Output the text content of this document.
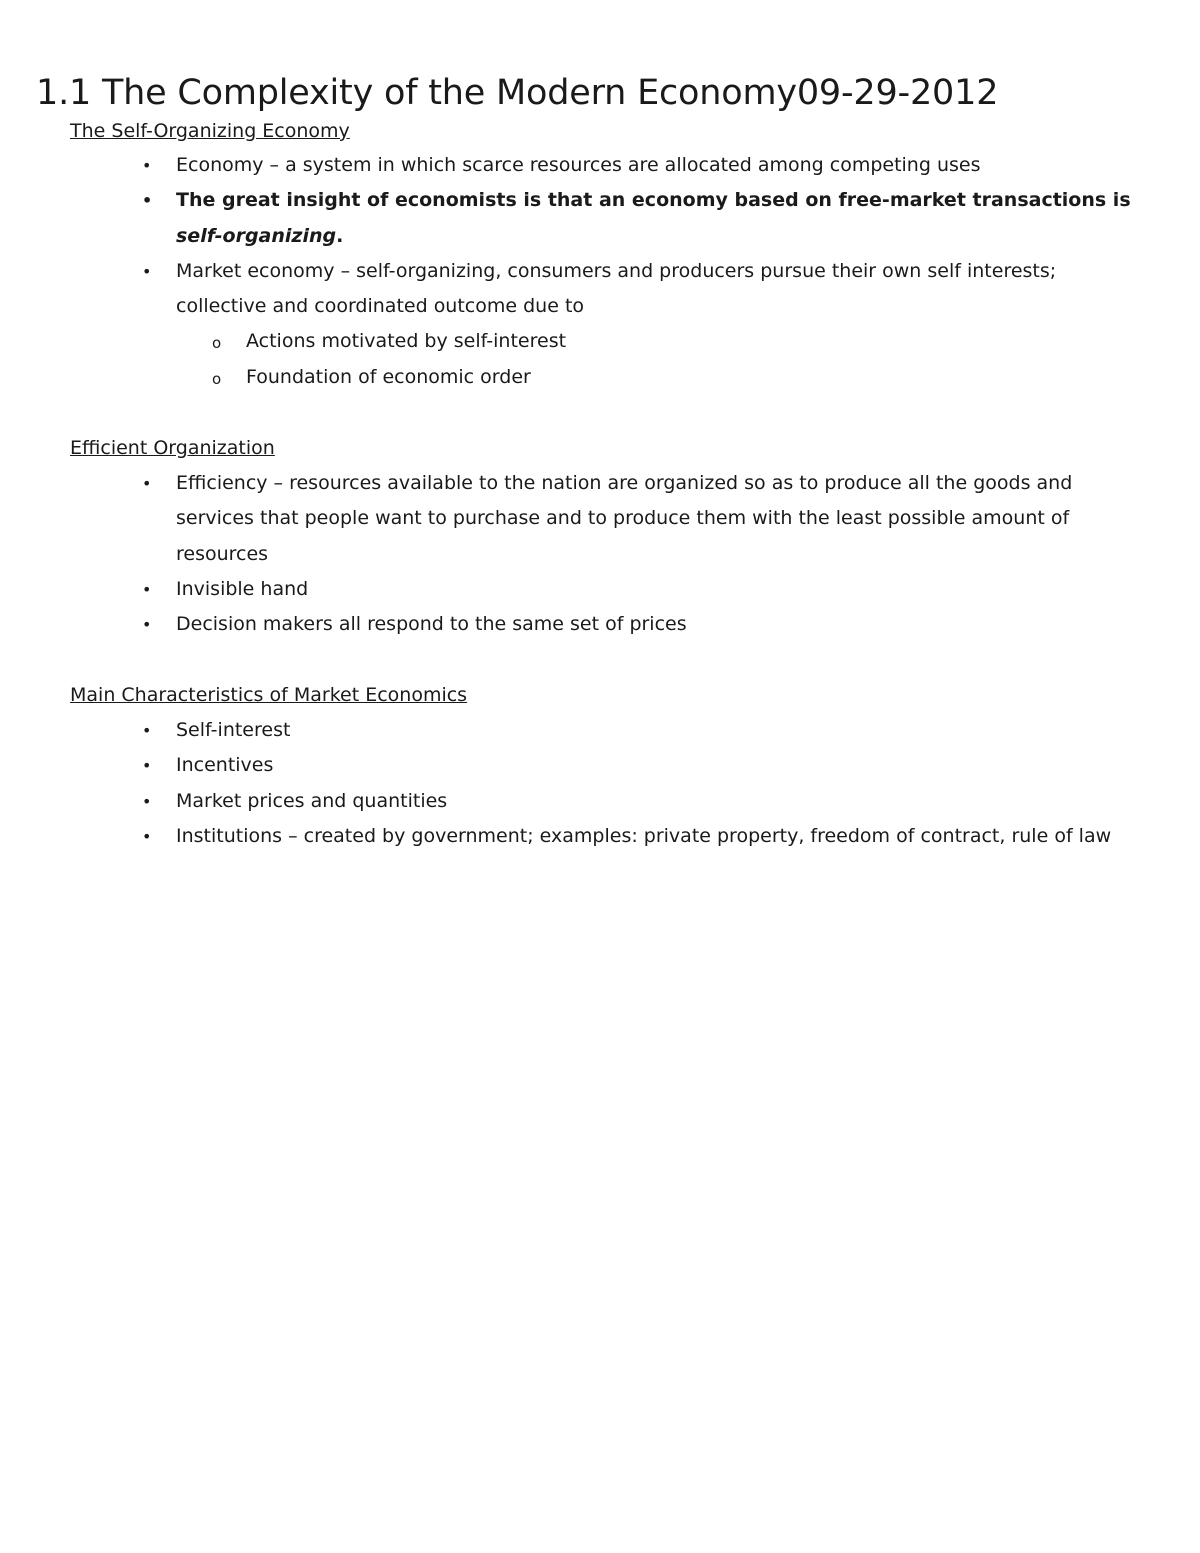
1.1 The Complexity of the Modern Economy09-29-2012
The Self-Organizing Economy
• Economy – a system in which scarce resources are allocated among competing uses
• The great insight of economists is that an economy based on free-market transactions is self-organizing.
• Market economy – self-organizing, consumers and producers pursue their own self interests; collective and coordinated outcome due to
o Actions motivated by self-interest
o Foundation of economic order
Efficient Organization
• Efficiency – resources available to the nation are organized so as to produce all the goods and services that people want to purchase and to produce them with the least possible amount of resources
• Invisible hand
• Decision makers all respond to the same set of prices
Main Characteristics of Market Economics
• Self-interest
• Incentives
• Market prices and quantities
• Institutions – created by government; examples: private property, freedom of contract, rule of law
